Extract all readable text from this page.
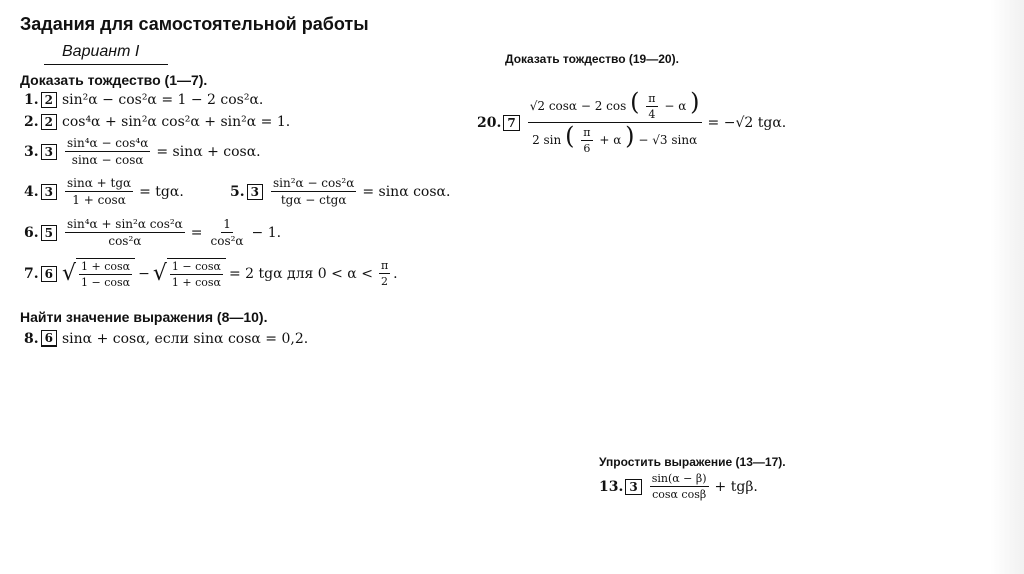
Задания для самостоятельной работы
Вариант I
Доказать тождество (1—7).
1. 2 sin²α − cos²α = 1 − 2 cos²α.
2. 2 cos⁴α + sin²α cos²α + sin²α = 1.
3. 3	$\frac{\text{sin⁴α − cos⁴α}}{\sin\alpha - \cos\alpha} = \sin\alpha + \cos\alpha$.
4. 3	$\frac{\text{sinα + tgα}}{1 + \cos\alpha} = tg\alpha$.	5. 3	$\frac{\text{sin²α − cos²α}}{\text{tgα − ctgα}} = \sin\alpha$ cosα.
6. 5	$\frac{\text{sin⁴α + sin²α cos²α}}{\text{cos²α}} = \frac{1}{\text{cos²α}} - 1$.
7. 6 √ $\frac{1 + \cos\alpha}{1 - \cos\alpha}$ − √ $\frac{1 - \cos\alpha}{1 + \cos\alpha} = 2$ tgα для $0 < \alpha < \frac{\pi}{2}$ .
Найти значение выражения (8—10).
8. 6 sinα + cosα, если sinα cosα = 0,2.
Доказать тождество (19—20).
20. 7
√2 cosα − 2 cos ( $\frac{\pi}{4} - \alpha$ )
2 sin ( $\frac{\pi}{6} + \alpha$ ) − √3 sinα
= −√2 tgα.
Упростить выражение (13—17).
13. 3	$\frac{\sin(\alpha - \beta)}{\text{cosα cosβ}} + tg\beta$.
